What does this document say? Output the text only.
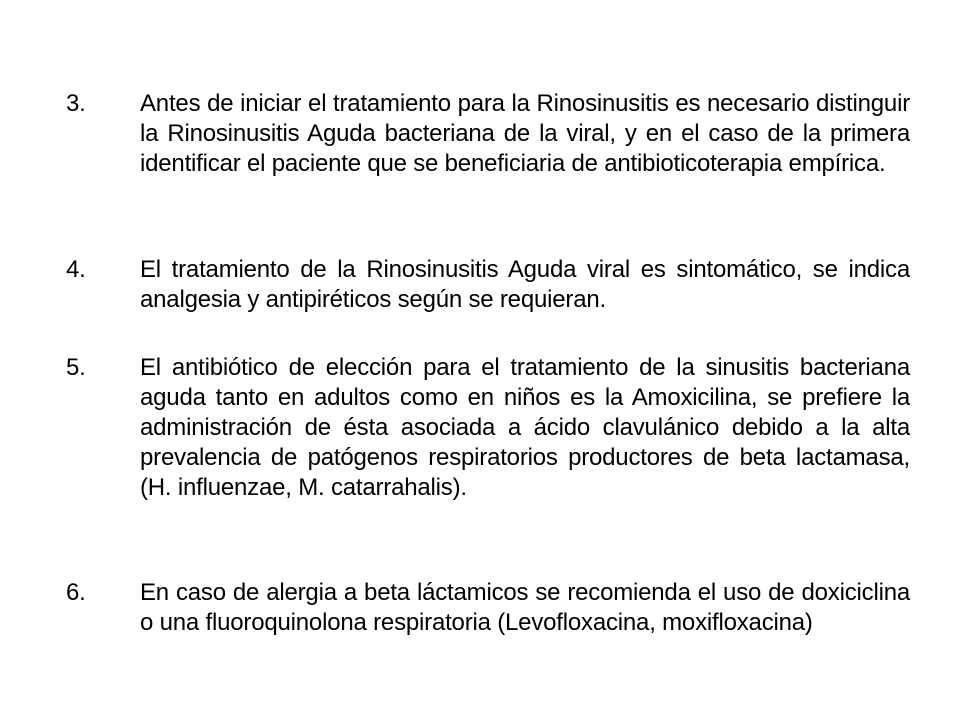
3.	Antes de iniciar el tratamiento para la Rinosinusitis es necesario distinguir la Rinosinusitis Aguda bacteriana de la viral, y en el caso de la primera identificar el paciente que se beneficiaria de antibioticoterapia empírica.
4.	El tratamiento de la Rinosinusitis Aguda viral es sintomático, se indica analgesia y antipiréticos según se requieran.
5.	El antibiótico de elección para el tratamiento de la sinusitis bacteriana aguda tanto en adultos como en niños es la Amoxicilina, se prefiere la administración de ésta asociada a ácido clavulánico debido a la alta prevalencia de patógenos respiratorios productores de beta lactamasa, (H. influenzae, M. catarrahalis).
6.	En caso de alergia a beta láctamicos se recomienda el uso de doxiciclina o una fluoroquinolona respiratoria (Levofloxacina, moxifloxacina)
